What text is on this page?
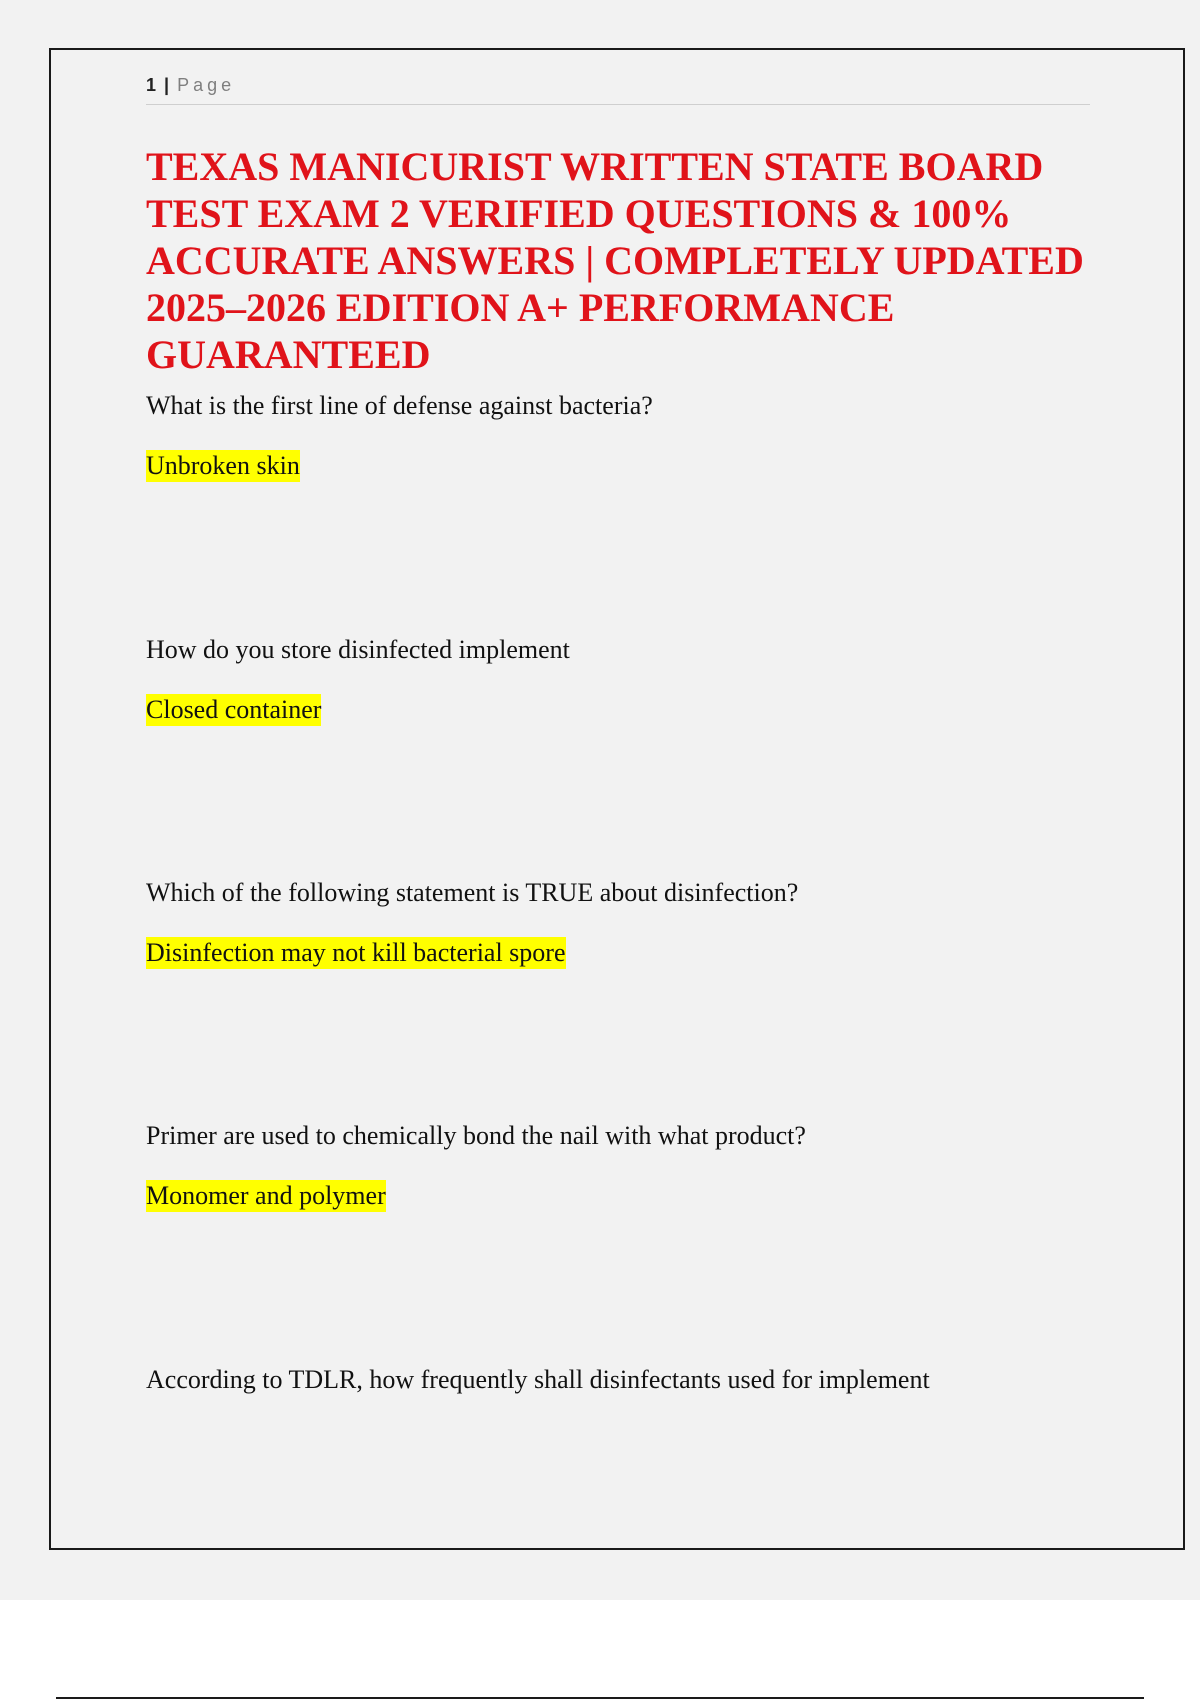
1 | Page
TEXAS MANICURIST WRITTEN STATE BOARD TEST EXAM 2 VERIFIED QUESTIONS & 100% ACCURATE ANSWERS | COMPLETELY UPDATED 2025–2026 EDITION A+ PERFORMANCE GUARANTEED
What is the first line of defense against bacteria?
Unbroken skin
How do you store disinfected implement
Closed container
Which of the following statement is TRUE about disinfection?
Disinfection may not kill bacterial spore
Primer are used to chemically bond the nail with what product?
Monomer and polymer
According to TDLR, how frequently shall disinfectants used for implement
